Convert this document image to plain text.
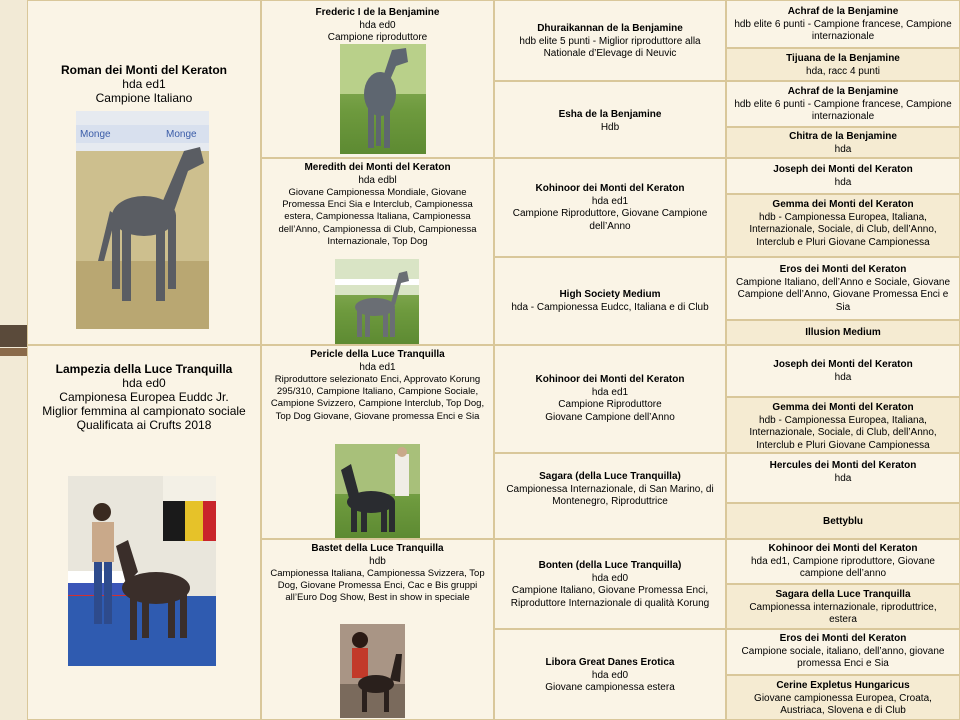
Roman dei Monti del Keraton
hda ed1
Campione Italiano
Monge	Monge
Lampezia della Luce Tranquilla
hda ed0
Campionesa Europea Euddc Jr.
Miglior femmina al campionato sociale
Qualificata ai Crufts 2018
Frederic I de la Benjamine
hda ed0
Campione riproduttore
Meredith dei Monti del Keraton
hda edbl
Giovane Campionessa Mondiale, Giovane Promessa Enci Sia e Interclub, Campionessa estera, Campionessa Italiana, Campionessa dell’Anno, Campionessa di Club, Campionessa Internazionale, Top Dog
Pericle della Luce Tranquilla
hda ed1
Riproduttore selezionato Enci, Approvato Korung 295/310, Campione Italiano, Campione Sociale, Campione Svizzero, Campione Interclub, Top Dog, Top Dog Giovane, Giovane promessa Enci e Sia
Bastet della Luce Tranquilla
hdb
Campionessa Italiana, Campionessa Svizzera, Top Dog, Giovane Promessa Enci, Cac e Bis gruppi all’Euro Dog Show, Best in show in speciale
Dhuraikannan de la Benjamine
hdb elite 5 punti - Miglior riproduttore alla Nationale d’Elevage di Neuvic
Esha de la Benjamine
Hdb
Kohinoor dei Monti del Keraton
hda ed1
Campione Riproduttore, Giovane Campione dell’Anno
High Society Medium
hda - Campionessa Eudcc, Italiana e di Club
Kohinoor dei Monti del Keraton
hda ed1
Campione Riproduttore
Giovane Campione dell’Anno
Sagara (della Luce Tranquilla)
Campionessa Internazionale, di San Marino, di Montenegro, Riproduttrice
Bonten (della Luce Tranquilla)
hda ed0
Campione Italiano, Giovane Promessa Enci, Riproduttore Internazionale di qualità Korung
Libora Great Danes Erotica
hda ed0
Giovane campionessa estera
Achraf de la Benjamine
hdb elite 6 punti - Campione francese, Campione internazionale
Tijuana de la Benjamine
hda, racc 4 punti
Achraf de la Benjamine
hdb elite 6 punti - Campione francese, Campione internazionale
Chitra de la Benjamine
hda
Joseph dei Monti del Keraton
hda
Gemma dei Monti del Keraton
hdb - Campionessa Europea, Italiana, Internazionale, Sociale, di Club, dell’Anno, Interclub e Pluri Giovane Campionessa
Eros dei Monti del Keraton
Campione Italiano, dell’Anno e Sociale, Giovane Campione dell’Anno, Giovane Promessa Enci e Sia
Illusion Medium
Joseph dei Monti del Keraton
hda
Gemma dei Monti del Keraton
hdb - Campionessa Europea, Italiana, Internazionale, Sociale, di Club, dell’Anno, Interclub e Pluri Giovane Campionessa
Hercules dei Monti del Keraton
hda
Bettyblu
Kohinoor dei Monti del Keraton
hda ed1, Campione riproduttore, Giovane campione dell’anno
Sagara della Luce Tranquilla
Campionessa internazionale, riproduttrice, estera
Eros dei Monti del Keraton
Campione sociale, italiano, dell’anno, giovane promessa Enci e Sia
Cerine Expletus Hungaricus
Giovane campionessa Europea, Croata, Austriaca, Slovena e di Club
